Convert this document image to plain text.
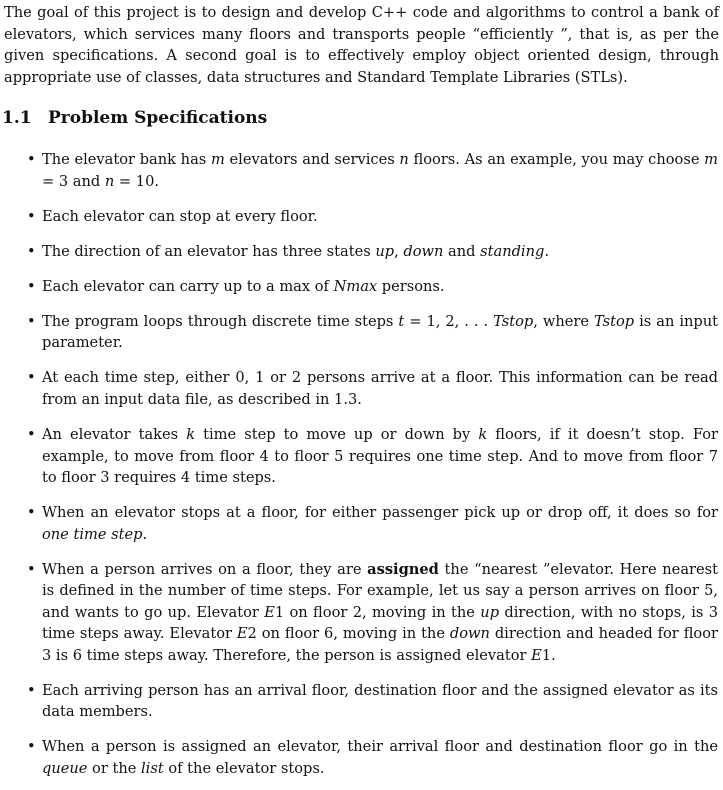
The goal of this project is to design and develop C++ code and algorithms to control a bank of elevators, which services many floors and transports people “efficiently ”, that is, as per the given specifications. A second goal is to effectively employ object oriented design, through appropriate use of classes, data structures and Standard Template Libraries (STLs).

1.1 Problem Specifications
• The elevator bank has m elevators and services n floors. As an example, you may choose m = 3 and n = 10.
• Each elevator can stop at every floor.
• The direction of an elevator has three states up, down and standing.
• Each elevator can carry up to a max of Nmax persons.
• The program loops through discrete time steps t = 1, 2, . . . Tstop, where Tstop is an input parameter.
• At each time step, either 0, 1 or 2 persons arrive at a floor. This information can be read from an input data file, as described in 1.3.
• An elevator takes k time step to move up or down by k floors, if it doesn’t stop. For example, to move from floor 4 to floor 5 requires one time step. And to move from floor 7 to floor 3 requires 4 time steps.
• When an elevator stops at a floor, for either passenger pick up or drop off, it does so for one time step.
• When a person arrives on a floor, they are assigned the “nearest ”elevator. Here nearest is defined in the number of time steps. For example, let us say a person arrives on floor 5, and wants to go up. Elevator E1 on floor 2, moving in the up direction, with no stops, is 3 time steps away. Elevator E2 on floor 6, moving in the down direction and headed for floor 3 is 6 time steps away. Therefore, the person is assigned elevator E1.
• Each arriving person has an arrival floor, destination floor and the assigned elevator as its data members.
• When a person is assigned an elevator, their arrival floor and destination floor go in the queue or the list of the elevator stops.
